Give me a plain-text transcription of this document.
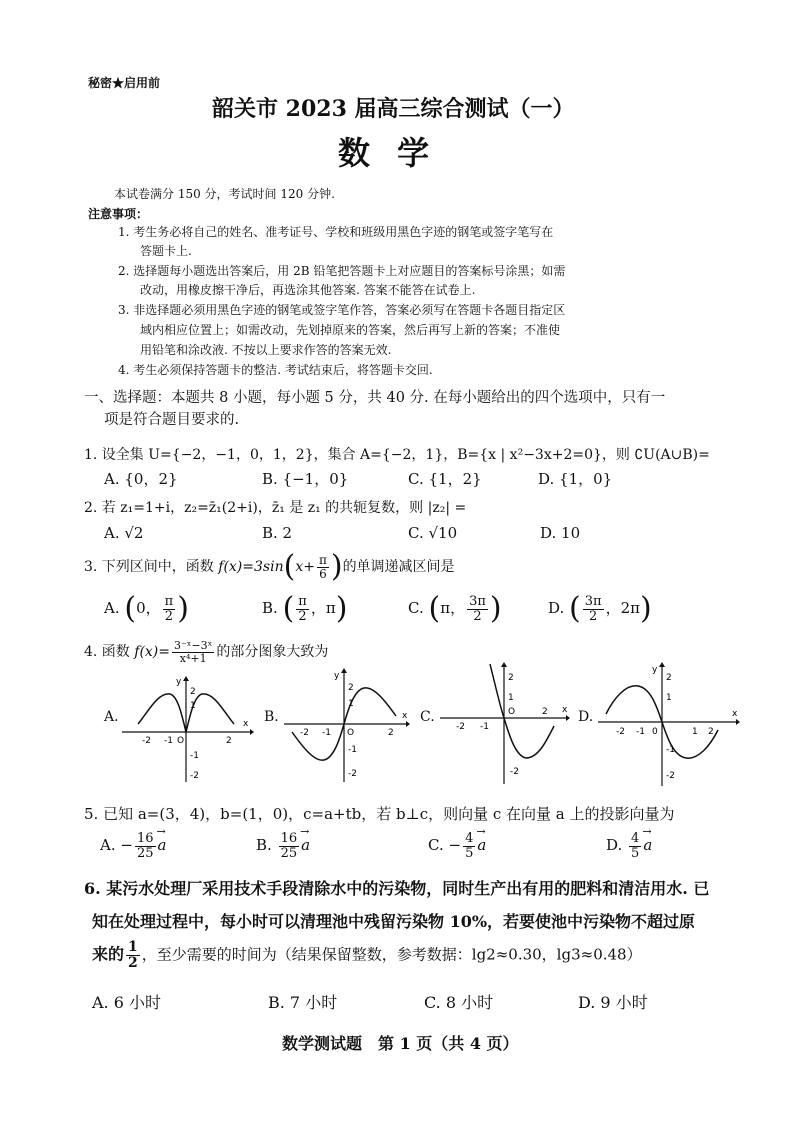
秘密★启用前
韶关市 2023 届高三综合测试（一）
数 学
本试卷满分 150 分，考试时间 120 分钟.
注意事项：
1. 考生务必将自己的姓名、准考证号、学校和班级用黑色字迹的钢笔或签字笔写在
答题卡上.
2. 选择题每小题选出答案后，用 2B 铅笔把答题卡上对应题目的答案标号涂黑；如需
改动，用橡皮擦干净后，再选涂其他答案. 答案不能答在试卷上.
3. 非选择题必须用黑色字迹的钢笔或签字笔作答，答案必须写在答题卡各题目指定区
域内相应位置上；如需改动，先划掉原来的答案，然后再写上新的答案；不准使
用铅笔和涂改液. 不按以上要求作答的答案无效.
4. 考生必须保持答题卡的整洁. 考试结束后，将答题卡交回.
一、选择题：本题共 8 小题，每小题 5 分，共 40 分. 在每小题给出的四个选项中，只有一
项是符合题目要求的.
1. 设全集 U={−2，−1，0，1，2}，集合 A={−2，1}，B={x | x²−3x+2=0}，则 ∁U(A∪B)=
A. {0，2}	B. {−1，0}	C. {1，2}	D. {1，0}
2. 若 z₁=1+i，z₂=z̄₁(2+i)，z̄₁ 是 z₁ 的共轭复数，则 |z₂| =
A. √2	B. 2	C. √10	D. 10
3. 下列区间中，函数 $f(x)=3\sin(x+ \frac{\pi}{6}$ )的单调递减区间是
A. (0， $\frac{\pi}{2}$ )	B. ( $\frac{\pi}{2}$ ，π)	C. (π， $\frac{3\pi}{2}$ )	D. ( $\frac{3\pi}{2}$ ，2π)
4. 函数 $f(x)= \frac{\text{3⁻ˣ−3ˣ}}{\text{x⁴+1}}$ 的部分图象大致为
A.	B.	C.	D.
y
x
2
1
-1
-2
-2 -1 O	2
y
x
2
1
-1
-2
-2 -1 O	2
2
1
O
-2
-2 -1
2 x
y
2
1
-1
-2
-2 -1 0	1 2
x
5. 已知 a=(3，4)，b=(1，0)，c=a+tb，若 b⊥c，则向量 c 在向量 a 上的投影向量为
A. − $\frac{16}{25}$
→ a	B. $\frac{16}{25}$
→ a	C. − $\frac{4}{5}$
→ a	D. $\frac{4}{5}$
→ a
6. 某污水处理厂采用技术手段清除水中的污染物，同时生产出有用的肥料和清洁用水. 已
知在处理过程中，每小时可以清理池中残留污染物 10%，若要使池中污染物不超过原
来的 $\frac{1}{2}$ ，至少需要的时间为（结果保留整数，参考数据：lg2≈0.30，lg3≈0.48）
A. 6 小时	B. 7 小时	C. 8 小时	D. 9 小时
数学测试题　第 1 页（共 4 页）
